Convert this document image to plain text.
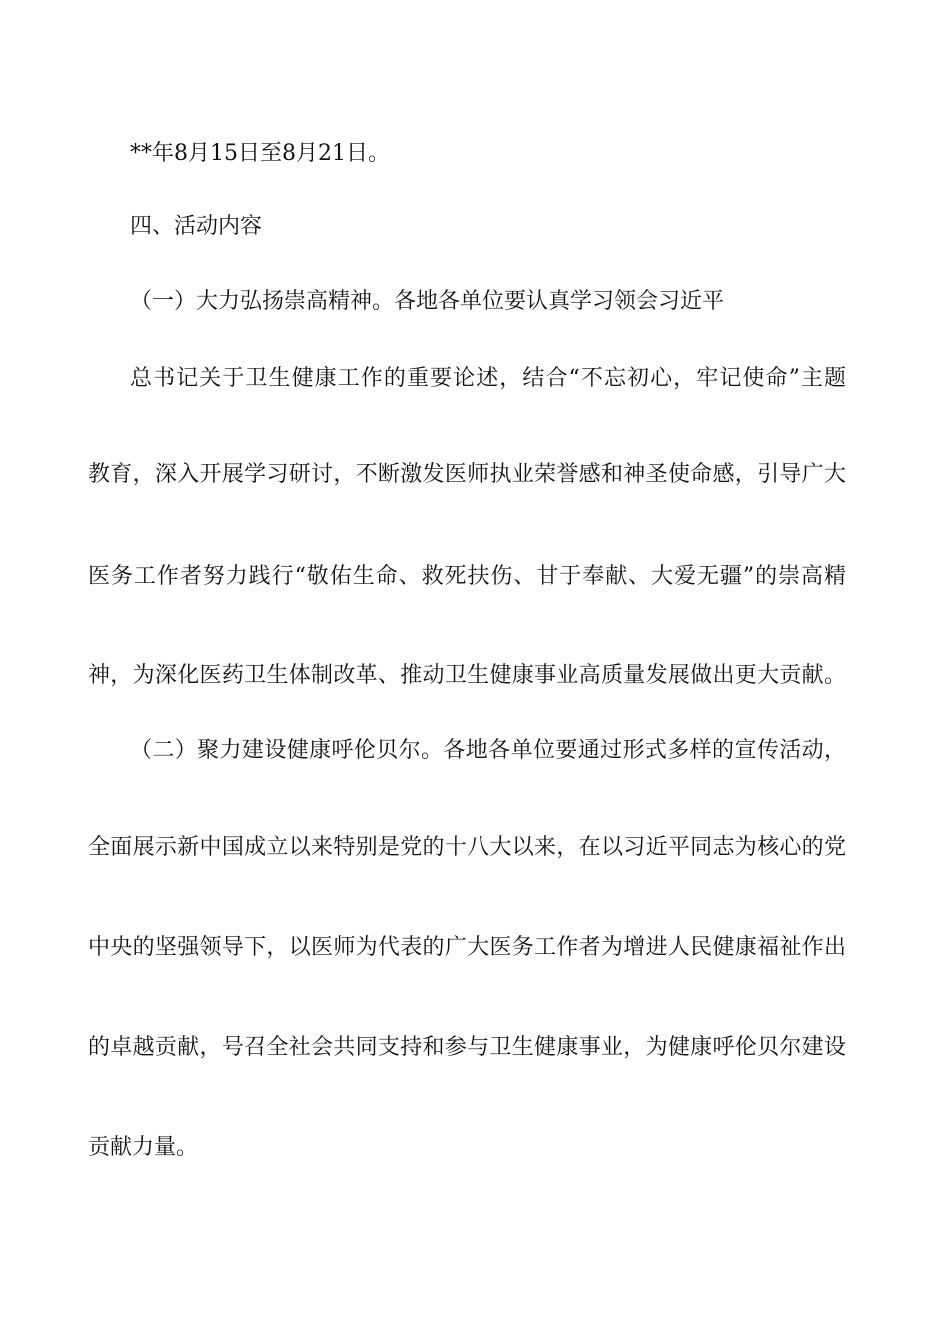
**年8月15日至8月21日。

四、活动内容

（一）大力弘扬崇高精神。各地各单位要认真学习领会习近平

总书记关于卫生健康工作的重要论述，结合“不忘初心，牢记使命”主题

教育，深入开展学习研讨，不断激发医师执业荣誉感和神圣使命感，引导广大

医务工作者努力践行“敬佑生命、救死扶伤、甘于奉献、大爱无疆”的崇高精

神，为深化医药卫生体制改革、推动卫生健康事业高质量发展做出更大贡献。

（二）聚力建设健康呼伦贝尔。各地各单位要通过形式多样的宣传活动，

全面展示新中国成立以来特别是党的十八大以来，在以习近平同志为核心的党

中央的坚强领导下，以医师为代表的广大医务工作者为增进人民健康福祉作出

的卓越贡献，号召全社会共同支持和参与卫生健康事业，为健康呼伦贝尔建设

贡献力量。
